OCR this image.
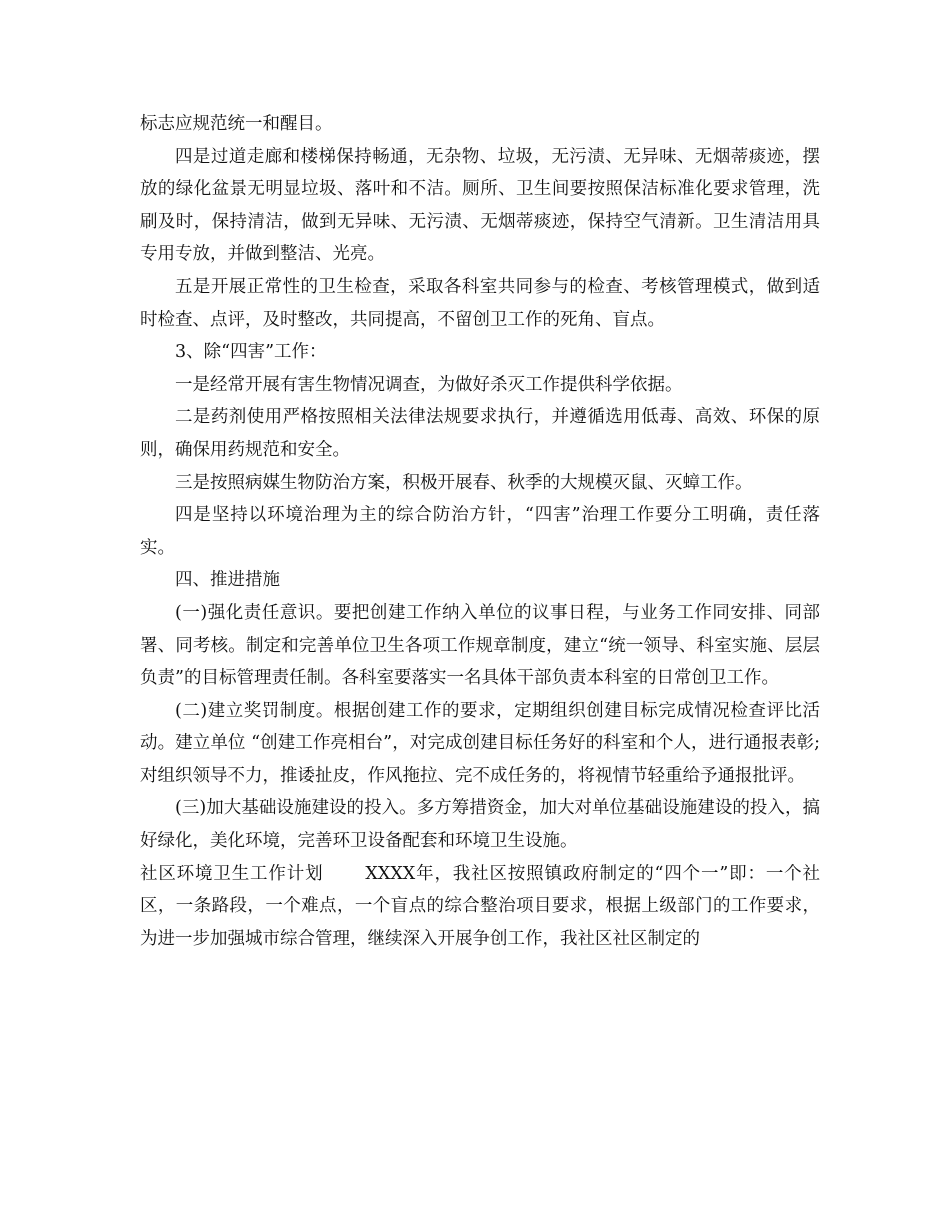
标志应规范统一和醒目。

四是过道走廊和楼梯保持畅通，无杂物、垃圾，无污渍、无异味、无烟蒂痰迹，摆放的绿化盆景无明显垃圾、落叶和不洁。厕所、卫生间要按照保洁标准化要求管理，洗刷及时，保持清洁，做到无异味、无污渍、无烟蒂痰迹，保持空气清新。卫生清洁用具专用专放，并做到整洁、光亮。

五是开展正常性的卫生检查，采取各科室共同参与的检查、考核管理模式，做到适时检查、点评，及时整改，共同提高，不留创卫工作的死角、盲点。

3、除“四害”工作：

一是经常开展有害生物情况调查，为做好杀灭工作提供科学依据。

二是药剂使用严格按照相关法律法规要求执行，并遵循选用低毒、高效、环保的原则，确保用药规范和安全。

三是按照病媒生物防治方案，积极开展春、秋季的大规模灭鼠、灭蟑工作。

四是坚持以环境治理为主的综合防治方针，“四害”治理工作要分工明确，责任落实。

四、推进措施

(一)强化责任意识。要把创建工作纳入单位的议事日程，与业务工作同安排、同部署、同考核。制定和完善单位卫生各项工作规章制度，建立“统一领导、科室实施、层层负责”的目标管理责任制。各科室要落实一名具体干部负责本科室的日常创卫工作。

(二)建立奖罚制度。根据创建工作的要求，定期组织创建目标完成情况检查评比活动。建立单位 “创建工作亮相台”，对完成创建目标任务好的科室和个人，进行通报表彰;对组织领导不力，推诿扯皮，作风拖拉、完不成任务的，将视情节轻重给予通报批评。

(三)加大基础设施建设的投入。多方筹措资金，加大对单位基础设施建设的投入，搞好绿化，美化环境，完善环卫设备配套和环境卫生设施。

社区环境卫生工作计划 XXXX年，我社区按照镇政府制定的“四个一”即：一个社区，一条路段，一个难点，一个盲点的综合整治项目要求，根据上级部门的工作要求，为进一步加强城市综合管理，继续深入开展争创工作，我社区社区制定的
